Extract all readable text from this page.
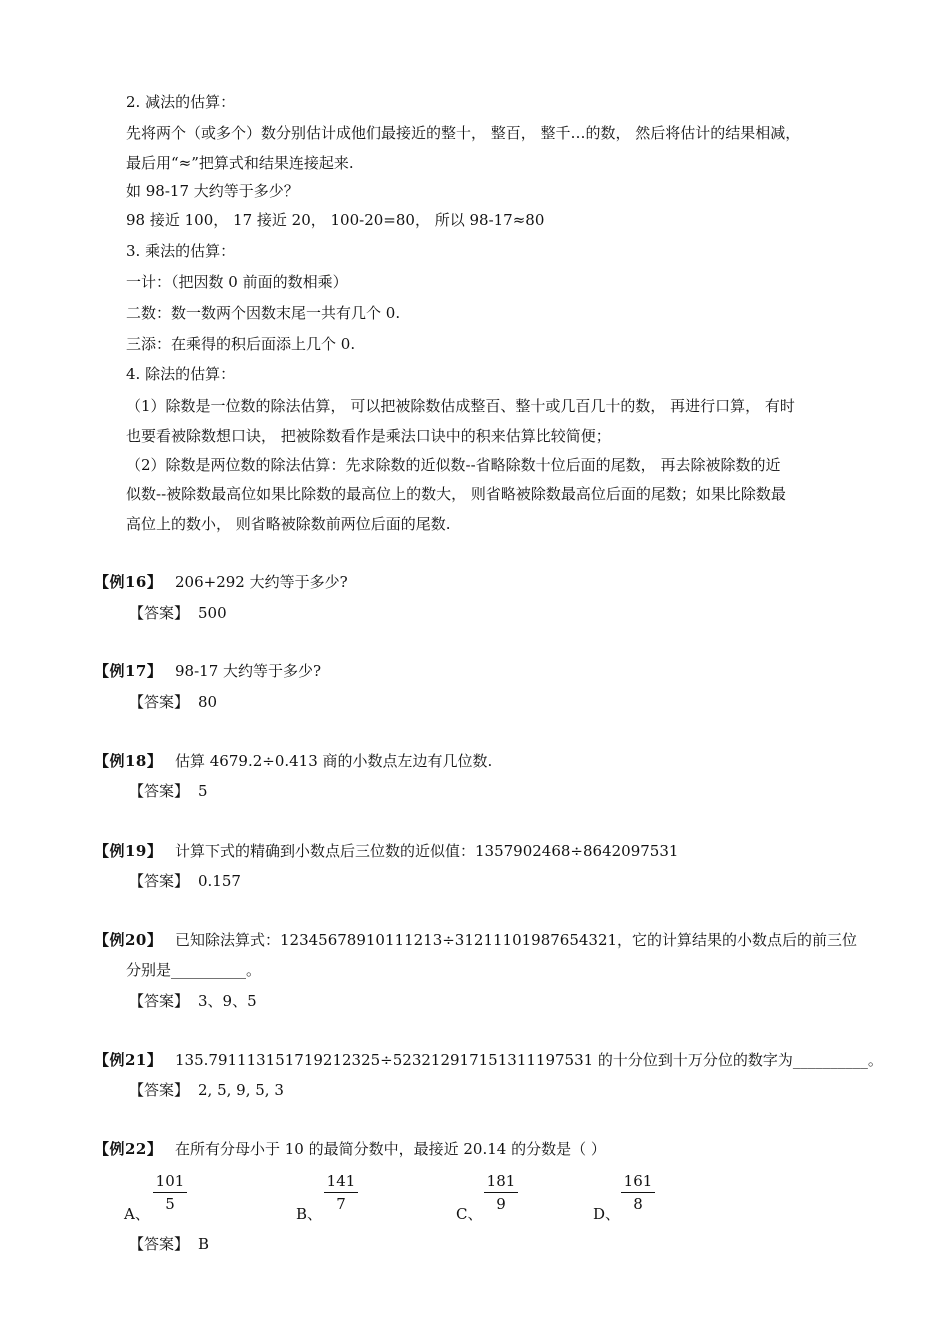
2. 减法的估算：
先将两个（或多个）数分别估计成他们最接近的整十， 整百， 整千…的数， 然后将估计的结果相减，
最后用“≈”把算式和结果连接起来.
如 98-17 大约等于多少？
98 接近 100， 17 接近 20， 100-20=80， 所以 98-17≈80
3. 乘法的估算：
一计：（把因数 0 前面的数相乘）
二数：数一数两个因数末尾一共有几个 0.
三添：在乘得的积后面添上几个 0.
4. 除法的估算：
（1）除数是一位数的除法估算， 可以把被除数估成整百、整十或几百几十的数， 再进行口算， 有时
也要看被除数想口诀， 把被除数看作是乘法口诀中的积来估算比较简便；
（2）除数是两位数的除法估算：先求除数的近似数--省略除数十位后面的尾数， 再去除被除数的近
似数--被除数最高位如果比除数的最高位上的数大， 则省略被除数最高位后面的尾数；如果比除数最
高位上的数小， 则省略被除数前两位后面的尾数.
【例16】 206+292 大约等于多少?
【答案】 500
【例17】 98-17 大约等于多少?
【答案】 80
【例18】 估算 4679.2÷0.413 商的小数点左边有几位数.
【答案】 5
【例19】 计算下式的精确到小数点后三位数的近似值：1357902468÷8642097531
【答案】 0.157
【例20】 已知除法算式：12345678910111213÷31211101987654321，它的计算结果的小数点后的前三位
分别是__________。
【答案】 3、9、5
【例21】 135.791113151719212325÷523212917151311197531 的十分位到十万分位的数字为__________。
【答案】 2, 5, 9, 5, 3
【例22】 在所有分母小于 10 的最简分数中，最接近 20.14 的分数是（ ）
A、 $\frac{101}{5}$	B、 $\frac{141}{7}$	C、 $\frac{181}{9}$	D、 $\frac{161}{8}$
【答案】 B
